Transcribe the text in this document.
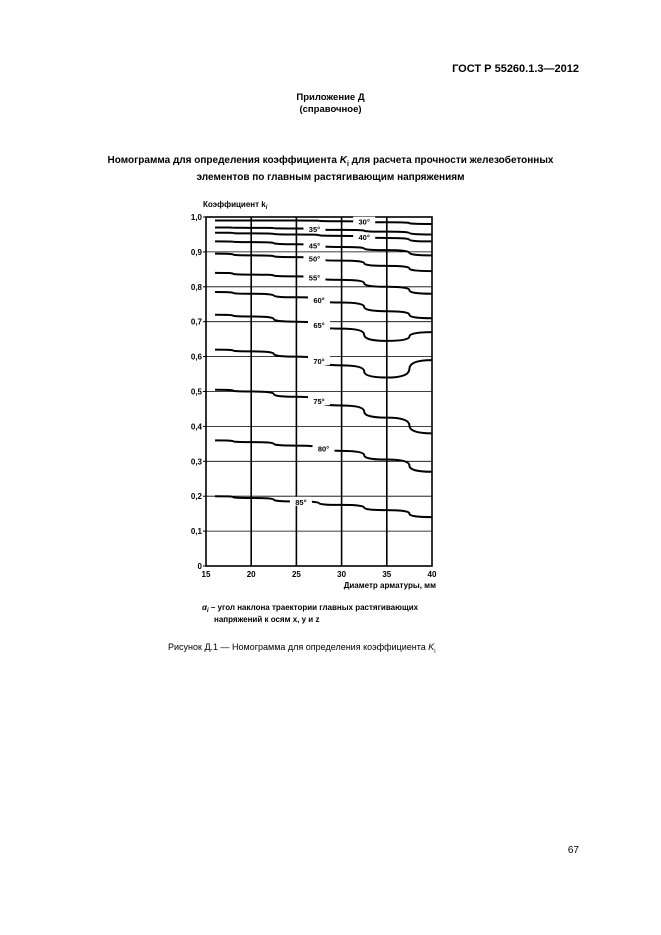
ГОСТ Р 55260.1.3—2012
Приложение Д
(справочное)
Номограмма для определения коэффициента $K_i$ для расчета прочности железобетонных
элементов по главным растягивающим напряжениям
85°
80°
75°
70°
65°
60°
55°
50°
45°
40°
35°
30°
15	20	25	30	35	40
0
0,1
0,2
0,3
0,4
0,5
0,6
0,7
0,8
0,9
1,0
Коэффициент $k_i$
Диаметр арматуры, мм
$\alpha_i$ – угол наклона траектории главных растягивающих
напряжений к осям x, y и z
Рисунок Д.1 — Номограмма для определения коэффициента $K_i$
67
